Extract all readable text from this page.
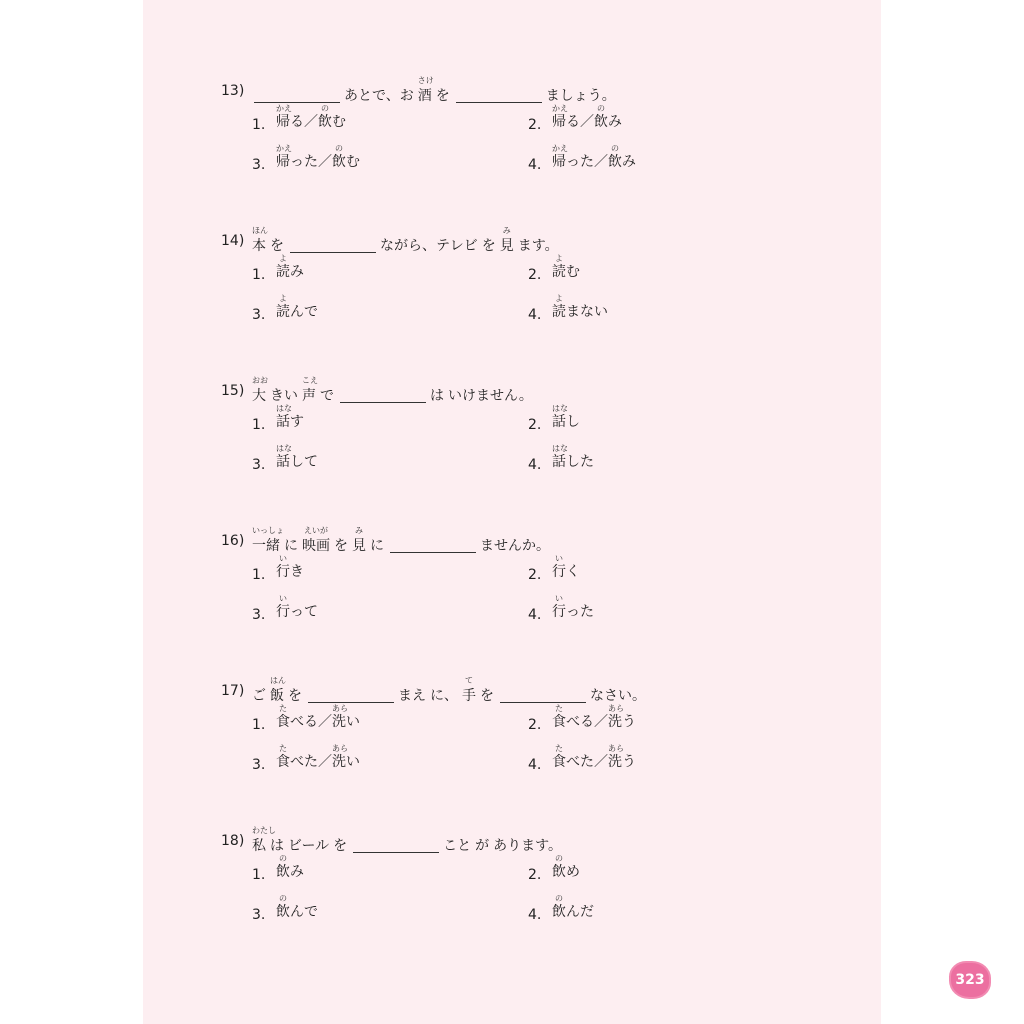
13)	あとで、お
さけ
酒 を	ましょう。
1.
かえ
帰 る／
の
飲 む	2.
かえ
帰 る／
の
飲 み
3.
かえ
帰 った／
の
飲 む	4.
かえ
帰 った／
の
飲 み
14)
ほん
本 を	ながら、テレビ を
み
見 ます。
1.
よ
読 み	2.
よ
読 む
3.
よ
読 んで	4.
よ
読 まない
15)
おお
大 きい
こえ
声 で	は いけません。
1.
はな
話 す	2.
はな
話 し
3.
はな
話 して	4.
はな
話 した
16)
いっしょ
一緒 に
えいが
映画 を
み
見 に	ませんか。
1.
い
行 き	2.
い
行 く
3.
い
行 って	4.
い
行 った
17) ご
はん
飯 を	まえ に、
て
手 を	なさい。
1.
た
食 べる／
あら
洗 い	2.
た
食 べる／
あら
洗 う
3.
た
食 べた／
あら
洗 い	4.
た
食 べた／
あら
洗 う
18)
わたし
私 は ビール を	こと が あります。
1.
の
飲 み	2.
の
飲 め
3.
の
飲 んで	4.
の
飲 んだ
323
